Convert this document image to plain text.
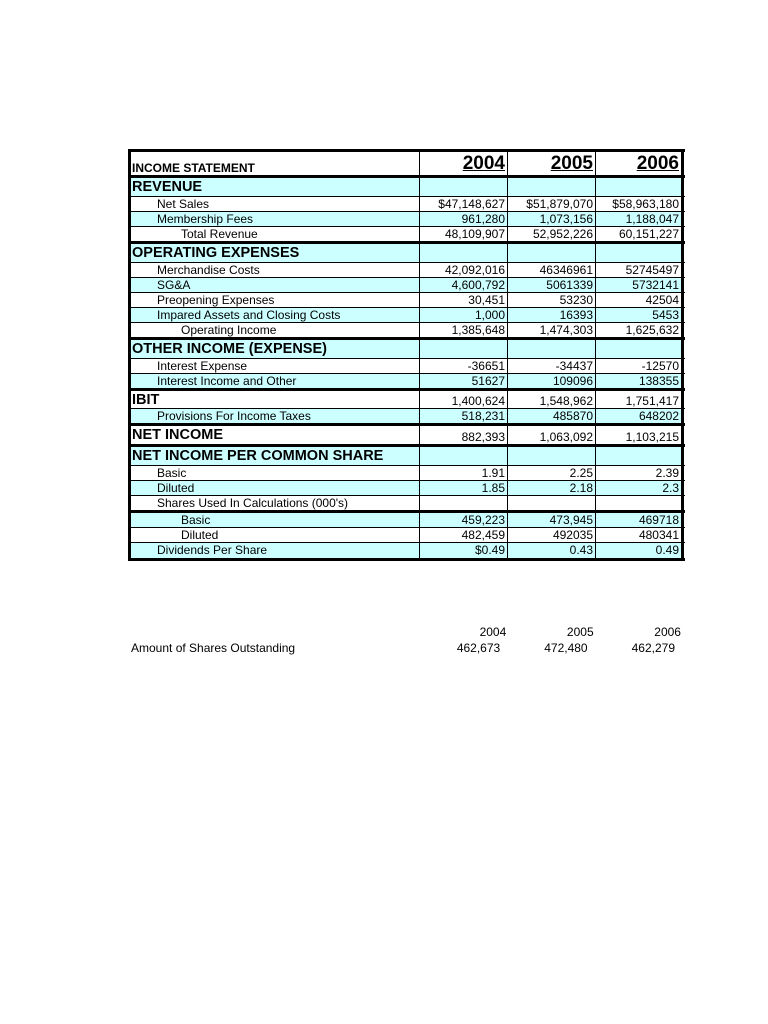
INCOME STATEMENT	2004	2005	2006
REVENUE
Net Sales	$47,148,627	$51,879,070	$58,963,180
Membership Fees	961,280	1,073,156	1,188,047
Total Revenue	48,109,907	52,952,226	60,151,227
OPERATING EXPENSES
Merchandise Costs	42,092,016	46346961	52745497
SG&A	4,600,792	5061339	5732141
Preopening Expenses	30,451	53230	42504
Impared Assets and Closing Costs	1,000	16393	5453
Operating Income	1,385,648	1,474,303	1,625,632
OTHER INCOME (EXPENSE)
Interest Expense	-36651	-34437	-12570
Interest Income and Other	51627	109096	138355
IBIT	1,400,624	1,548,962	1,751,417
Provisions For Income Taxes	518,231	485870	648202
NET INCOME	882,393	1,063,092	1,103,215
NET INCOME PER COMMON SHARE
Basic	1.91	2.25	2.39
Diluted	1.85	2.18	2.3
Shares Used In Calculations (000's)
Basic	459,223	473,945	469718
Diluted	482,459	492035	480341
Dividends Per Share	$0.49	0.43	0.49
2004	2005	2006
Amount of Shares Outstanding	462,673	472,480	462,279
